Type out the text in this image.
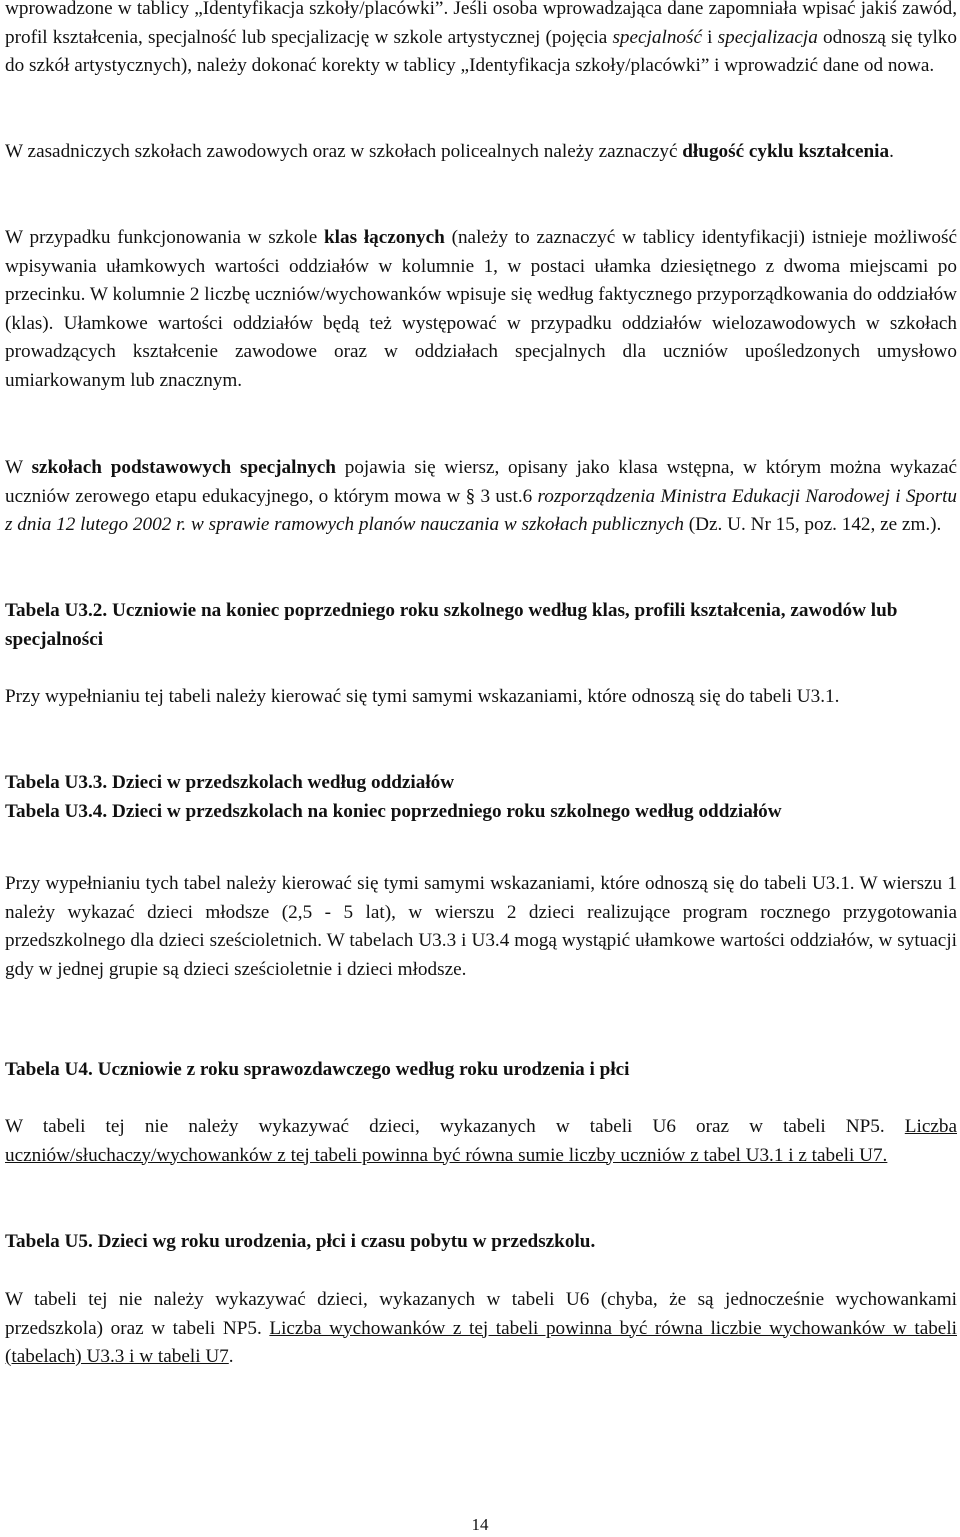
wprowadzone w tablicy „Identyfikacja szkoły/placówki”. Jeśli osoba wprowadzająca dane zapomniała wpisać jakiś zawód, profil kształcenia, specjalność lub specjalizację w szkole artystycznej (pojęcia specjalność i specjalizacja odnoszą się tylko do szkół artystycznych), należy dokonać korekty w tablicy „Identyfikacja szkoły/placówki” i wprowadzić dane od nowa.

W zasadniczych szkołach zawodowych oraz w szkołach policealnych należy zaznaczyć długość cyklu kształcenia.

W przypadku funkcjonowania w szkole klas łączonych (należy to zaznaczyć w tablicy identyfikacji) istnieje możliwość wpisywania ułamkowych wartości oddziałów w kolumnie 1, w postaci ułamka dziesiętnego z dwoma miejscami po przecinku. W kolumnie 2 liczbę uczniów/wychowanków wpisuje się według faktycznego przyporządkowania do oddziałów (klas). Ułamkowe wartości oddziałów będą też występować w przypadku oddziałów wielozawodowych w szkołach prowadzących kształcenie zawodowe oraz w oddziałach specjalnych dla uczniów upośledzonych umysłowo umiarkowanym lub znacznym.

W szkołach podstawowych specjalnych pojawia się wiersz, opisany jako klasa wstępna, w którym można wykazać uczniów zerowego etapu edukacyjnego, o którym mowa w § 3 ust.6 rozporządzenia Ministra Edukacji Narodowej i Sportu z dnia 12 lutego 2002 r. w sprawie ramowych planów nauczania w szkołach publicznych (Dz. U. Nr 15, poz. 142, ze zm.).

Tabela U3.2. Uczniowie na koniec poprzedniego roku szkolnego według klas, profili kształcenia, zawodów lub specjalności

Przy wypełnianiu tej tabeli należy kierować się tymi samymi wskazaniami, które odnoszą się do tabeli U3.1.

Tabela U3.3. Dzieci w przedszkolach według oddziałów

Tabela U3.4. Dzieci w przedszkolach na koniec poprzedniego roku szkolnego według oddziałów

Przy wypełnianiu tych tabel należy kierować się tymi samymi wskazaniami, które odnoszą się do tabeli U3.1. W wierszu 1 należy wykazać dzieci młodsze (2,5 - 5 lat), w wierszu 2 dzieci realizujące program rocznego przygotowania przedszkolnego dla dzieci sześcioletnich. W tabelach U3.3 i U3.4 mogą wystąpić ułamkowe wartości oddziałów, w sytuacji gdy w jednej grupie są dzieci sześcioletnie i dzieci młodsze.

Tabela U4. Uczniowie z roku sprawozdawczego według roku urodzenia i płci

W tabeli tej nie należy wykazywać dzieci, wykazanych w tabeli U6 oraz w tabeli NP5. Liczba uczniów/słuchaczy/wychowanków z tej tabeli powinna być równa sumie liczby uczniów z tabel U3.1 i z tabeli U7.

Tabela U5. Dzieci wg roku urodzenia, płci i czasu pobytu w przedszkolu.

W tabeli tej nie należy wykazywać dzieci, wykazanych w tabeli U6 (chyba, że są jednocześnie wychowankami przedszkola) oraz w tabeli NP5. Liczba wychowanków z tej tabeli powinna być równa liczbie wychowanków w tabeli (tabelach) U3.3 i w tabeli U7.

14
